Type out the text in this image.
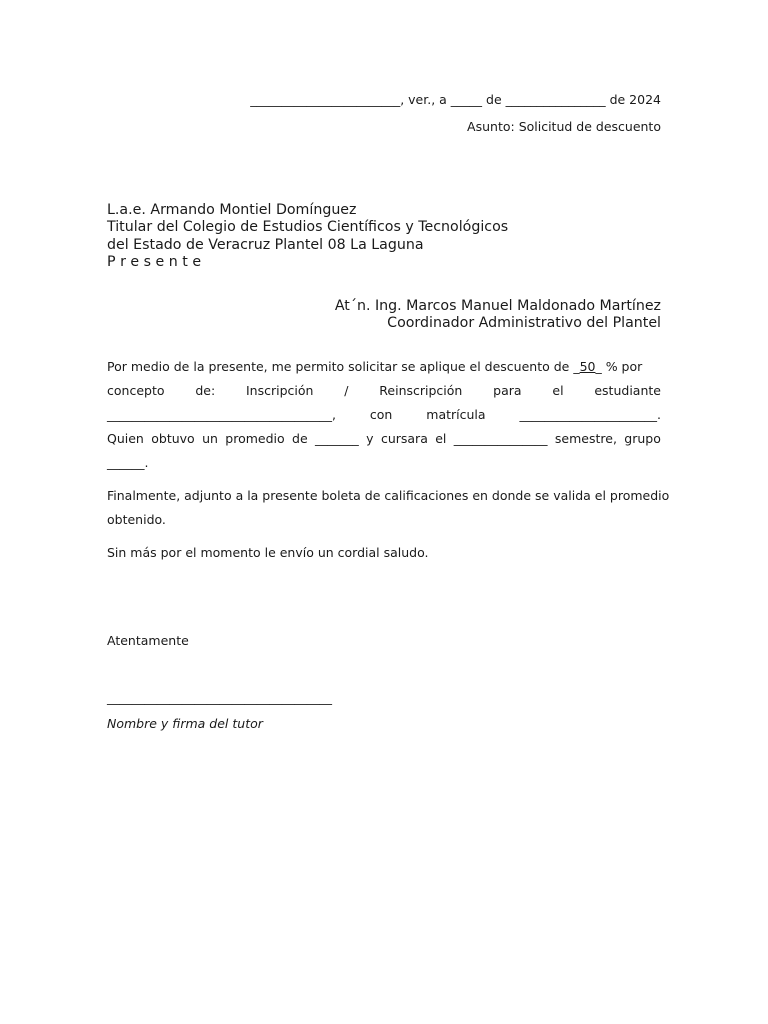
________________________, ver., a _____ de ________________ de 2024
Asunto: Solicitud de descuento
L.a.e. Armando Montiel Domínguez
Titular del Colegio de Estudios Científicos y Tecnológicos
del Estado de Veracruz Plantel 08 La Laguna
P r e s e n t e
At´n. Ing. Marcos Manuel Maldonado Martínez
Coordinador Administrativo del Plantel
Por medio de la presente, me permito solicitar se aplique el descuento de _ 50 _ % por
concepto de: Inscripción / Reinscripción para el estudiante
____________________________________,	con	matrícula	______________________.
Quien obtuvo un promedio de _______ y cursara el _______________ semestre, grupo
______.
Finalmente, adjunto a la presente boleta de calificaciones en donde se valida el promedio
obtenido.
Sin más por el momento le envío un cordial saludo.
Atentamente
____________________________________
Nombre y firma del tutor
